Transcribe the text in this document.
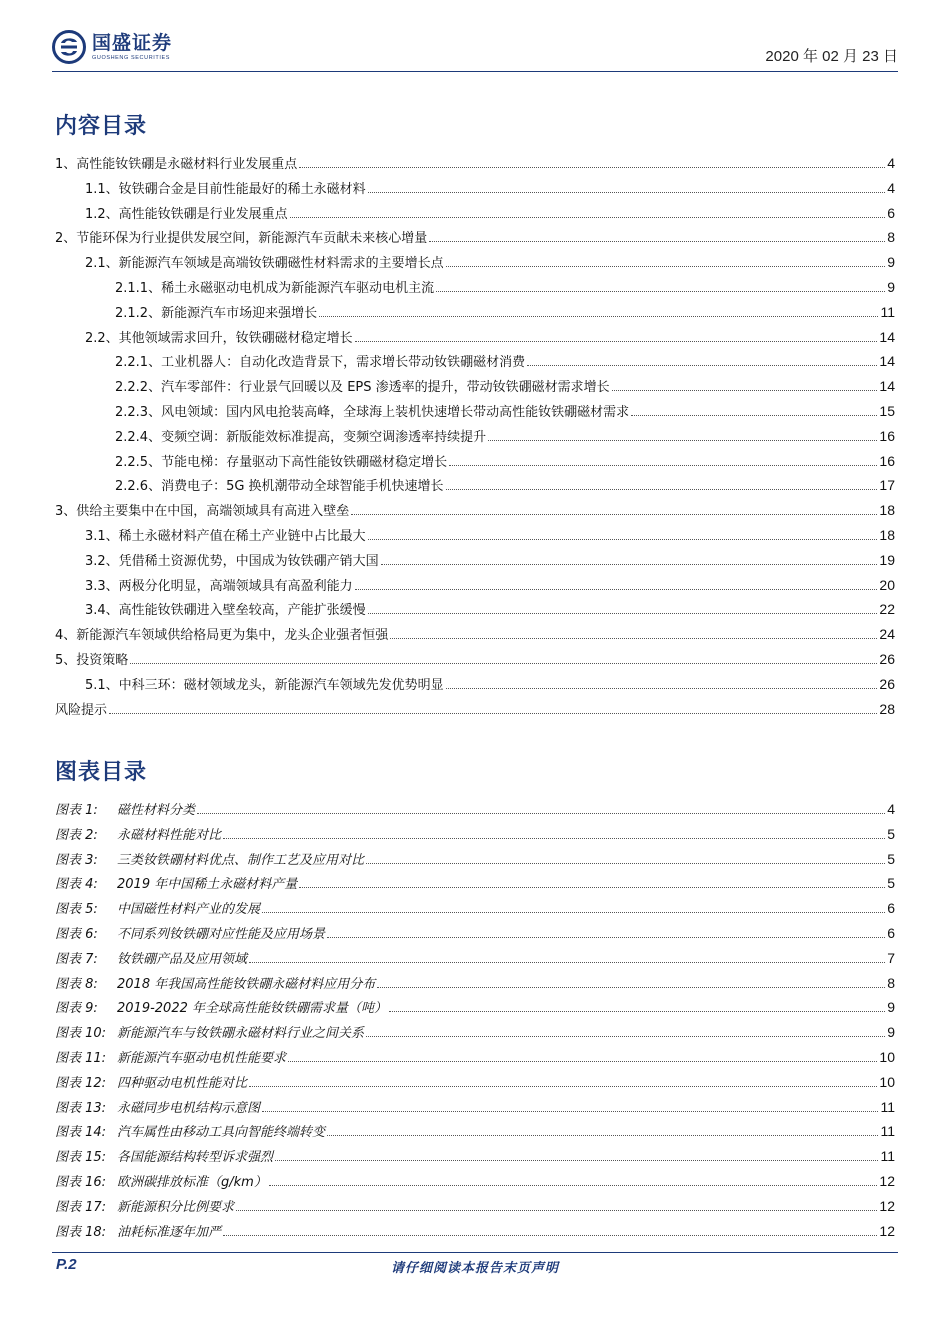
国盛证券
GUOSHENG SECURITIES	2020 年 02 月 23 日
内容目录
1、高性能钕铁硼是永磁材料行业发展重点	4
1.1、钕铁硼合金是目前性能最好的稀土永磁材料	4
1.2、高性能钕铁硼是行业发展重点	6
2、节能环保为行业提供发展空间，新能源汽车贡献未来核心增量	8
2.1、新能源汽车领域是高端钕铁硼磁性材料需求的主要增长点	9
2.1.1、稀土永磁驱动电机成为新能源汽车驱动电机主流	9
2.1.2、新能源汽车市场迎来强增长	11
2.2、其他领域需求回升，钕铁硼磁材稳定增长	14
2.2.1、工业机器人：自动化改造背景下，需求增长带动钕铁硼磁材消费	14
2.2.2、汽车零部件：行业景气回暖以及 EPS 渗透率的提升，带动钕铁硼磁材需求增长	14
2.2.3、风电领域：国内风电抢装高峰，全球海上装机快速增长带动高性能钕铁硼磁材需求	15
2.2.4、变频空调：新版能效标准提高，变频空调渗透率持续提升	16
2.2.5、节能电梯：存量驱动下高性能钕铁硼磁材稳定增长	16
2.2.6、消费电子：5G 换机潮带动全球智能手机快速增长	17
3、供给主要集中在中国，高端领域具有高进入壁垒	18
3.1、稀土永磁材料产值在稀土产业链中占比最大	18
3.2、凭借稀土资源优势，中国成为钕铁硼产销大国	19
3.3、两极分化明显，高端领域具有高盈利能力	20
3.4、高性能钕铁硼进入壁垒较高，产能扩张缓慢	22
4、新能源汽车领域供给格局更为集中，龙头企业强者恒强	24
5、投资策略	26
5.1、中科三环：磁材领域龙头，新能源汽车领域先发优势明显	26
风险提示	28
图表目录
图表 1:	磁性材料分类	4
图表 2:	永磁材料性能对比	5
图表 3:	三类钕铁硼材料优点、制作工艺及应用对比	5
图表 4:	2019 年中国稀土永磁材料产量	5
图表 5:	中国磁性材料产业的发展	6
图表 6:	不同系列钕铁硼对应性能及应用场景	6
图表 7:	钕铁硼产品及应用领域	7
图表 8:	2018 年我国高性能钕铁硼永磁材料应用分布	8
图表 9:	2019-2022 年全球高性能钕铁硼需求量（吨）	9
图表 10: 新能源汽车与钕铁硼永磁材料行业之间关系	9
图表 11: 新能源汽车驱动电机性能要求	10
图表 12: 四种驱动电机性能对比	10
图表 13: 永磁同步电机结构示意图	11
图表 14: 汽车属性由移动工具向智能终端转变	11
图表 15: 各国能源结构转型诉求强烈	11
图表 16: 欧洲碳排放标准（g/km）	12
图表 17: 新能源积分比例要求	12
图表 18: 油耗标准逐年加严	12
P.2	请仔细阅读本报告末页声明
